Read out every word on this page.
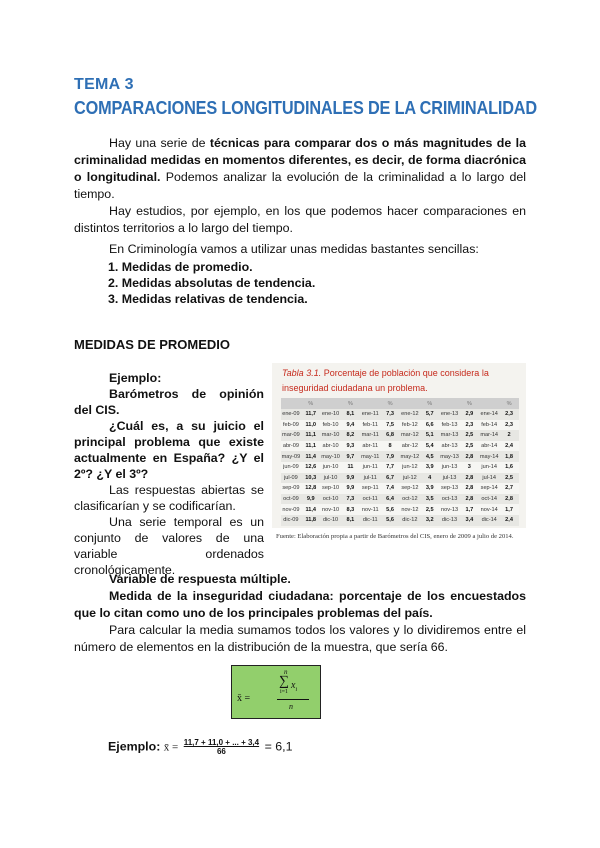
TEMA 3
COMPARACIONES LONGITUDINALES DE LA CRIMINALIDAD

Hay una serie de técnicas para comparar dos o más magnitudes de la criminalidad medidas en momentos diferentes, es decir, de forma diacrónica o longitudinal. Podemos analizar la evolución de la criminalidad a lo largo del tiempo.

Hay estudios, por ejemplo, en los que podemos hacer comparaciones en distintos territorios a lo largo del tiempo.

En Criminología vamos a utilizar unas medidas bastantes sencillas:

1. Medidas de promedio.
2. Medidas absolutas de tendencia.
3. Medidas relativas de tendencia.
MEDIDAS DE PROMEDIO

Ejemplo:

Barómetros de opinión del CIS.

¿Cuál es, a su juicio el principal problema que existe actualmente en España? ¿Y el 2º? ¿Y el 3º?

Las respuestas abiertas se clasificarían y se codificarían.

Una serie temporal es un conjunto de valores de una variable ordenados cronológicamente.

Tabla 3.1. Porcentaje de población que considera la inseguridad ciudadana un problema.
	%		%		%		%		%		%
ene-09	11,7	ene-10	8,1	ene-11	7,3	ene-12	5,7	ene-13	2,9	ene-14	2,3
feb-09	11,0	feb-10	9,4	feb-11	7,5	feb-12	6,6	feb-13	2,3	feb-14	2,3
mar-09	11,1	mar-10	8,2	mar-11	6,8	mar-12	5,1	mar-13	2,5	mar-14	2
abr-09	11,1	abr-10	9,3	abr-11	8	abr-12	5,4	abr-13	2,5	abr-14	2,4
may-09	11,4	may-10	9,7	may-11	7,9	may-12	4,5	may-13	2,8	may-14	1,8
jun-09	12,6	jun-10	11	jun-11	7,7	jun-12	3,9	jun-13	3	jun-14	1,6
jul-09	10,3	jul-10	9,9	jul-11	6,7	jul-12	4	jul-13	2,8	jul-14	2,5
sep-09	12,8	sep-10	9,9	sep-11	7,4	sep-12	3,9	sep-13	2,8	sep-14	2,7
oct-09	9,9	oct-10	7,3	oct-11	6,4	oct-12	3,5	oct-13	2,8	oct-14	2,8
nov-09	11,4	nov-10	8,3	nov-11	5,6	nov-12	2,5	nov-13	1,7	nov-14	1,7
dic-09	11,8	dic-10	8,1	dic-11	5,6	dic-12	3,2	dic-13	3,4	dic-14	2,4
Fuente: Elaboración propia a partir de Barómetros del CIS, enero de 2009 a julio de 2014.

Variable de respuesta múltiple.

Medida de la inseguridad ciudadana: porcentaje de los encuestados que lo citan como uno de los principales problemas del país.

Para calcular la media sumamos todos los valores y lo dividiremos entre el número de elementos en la distribución de la muestra, que sería 66.

x̄ =
n
∑
i=1
$x_i$
n
Ejemplo: x̄ = $\frac{11,7 + 11,0 + ... + 3,4}{66} = 6,1$
